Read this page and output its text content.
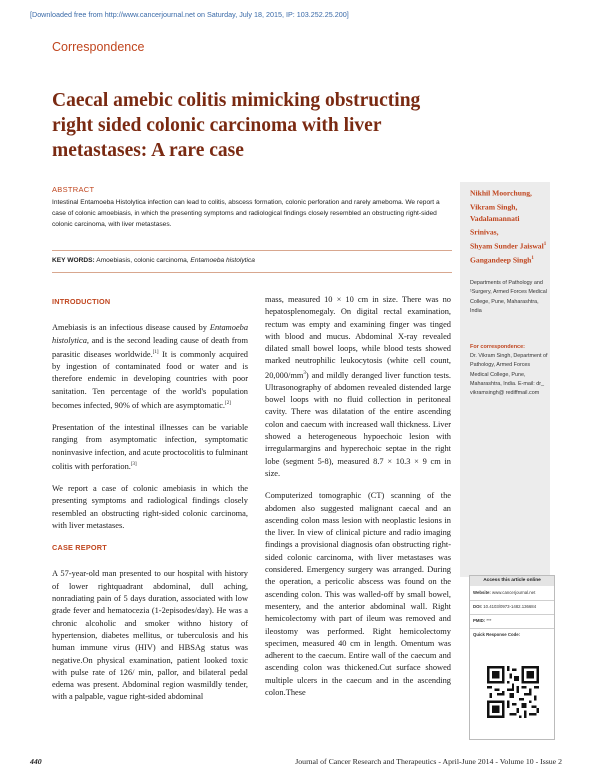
[Downloaded free from http://www.cancerjournal.net on Saturday, July 18, 2015, IP: 103.252.25.200]
Correspondence
Caecal amebic colitis mimicking obstructing right sided colonic carcinoma with liver metastases: A rare case
ABSTRACT
Intestinal Entamoeba Histolytica infection can lead to colitis, abscess formation, colonic perforation and rarely ameboma. We report a case of colonic amoebiasis, in which the presenting symptoms and radiological findings closely resembled an obstructing right-sided colonic carcinoma, with liver metastases.
KEY WORDS: Amoebiasis, colonic carcinoma, Entamoeba histolytica
Nikhil Moorchung,
Vikram Singh,
Vadalamannati Srinivas,
Shyam Sunder Jaiswal$^1$
Gangandeep Singh$^1$
Departments of Pathology and ¹Surgery, Armed Forces Medical College, Pune, Maharashtra, India
For correspondence:
Dr. Vikram Singh, Department of Pathology, Armed Forces Medical College, Pune, Maharashtra, India. E-mail: dr_ vikramsingh@ rediffmail.com
Access this article online
Website: www.cancerjournal.net
DOI: 10.4103/0973-1482.136684
PMID: ***
Quick Response Code:
INTRODUCTION

Amebiasis is an infectious disease caused by Entamoeba histolytica, and is the second leading cause of death from parasitic diseases worldwide.[1] It is commonly acquired by ingestion of contaminated food or water and is therefore endemic in developing countries with poor sanitation. Ten percentage of the world's population becomes infected, 90% of which are asymptomatic.[2]

Presentation of the intestinal illnesses can be variable ranging from asymptomatic infection, symptomatic noninvasive infection, and acute proctocolitis to fulminant colitis with perforation.[3]

We report a case of colonic amebiasis in which the presenting symptoms and radiological findings closely resembled an obstructing right-sided colonic carcinoma, with liver metastases.

CASE REPORT

A 57-year-old man presented to our hospital with history of lower rightquadrant abdominal, dull aching, nonradiating pain of 5 days duration, associated with low grade fever and hematocezia (1-2episodes/day). He was a chronic alcoholic and smoker withno history of hypertension, diabetes mellitus, or tuberculosis and his human immune virus (HIV) and HBSAg status was negative.On physical examination, patient looked toxic with pulse rate of 126/ min, pallor, and bilateral pedal edema was present. Abdominal region wasmildly tender, with a palpable, vague right-sided abdominal

mass, measured 10 × 10 cm in size. There was no hepatosplenomegaly. On digital rectal examination, rectum was empty and examining finger was tinged with blood and mucus. Abdominal X-ray revealed dilated small bowel loops, while blood tests showed marked neutrophilic leukocytosis (white cell count, $20,000/mm^3$) and mildly deranged liver function tests. Ultrasonography of abdomen revealed distended large bowel loops with no fluid collection in peritoneal cavity. There was dilatation of the entire ascending colon and caecum with increased wall thickness. Liver showed a heterogeneous hypoechoic lesion with irregularmargins and hyperechoic septae in the right lobe (segment 5-8), measured 8.7 × 10.3 × 9 cm in size.

Computerized tomographic (CT) scanning of the abdomen also suggested malignant caecal and an ascending colon mass lesion with neoplastic lesions in the liver. In view of clinical picture and radio imaging findings a provisional diagnosis ofan obstructing right-sided colonic carcinoma, with liver metastases was considered. Emergency surgery was arranged. During the operation, a pericolic abscess was found on the ascending colon. This was walled-off by small bowel, mesentery, and the anterior abdominal wall. Right hemicolectomy with part of ileum was removed and ileostomy was performed. Right hemicolectomy specimen, measured 40 cm in length. Omentum was adherent to the caecum. Entire wall of the caecum and ascending colon was thickened.Cut surface showed multiple ulcers in the caecum and in the ascending colon.These

440	Journal of Cancer Research and Therapeutics - April-June 2014 - Volume 10 - Issue 2
